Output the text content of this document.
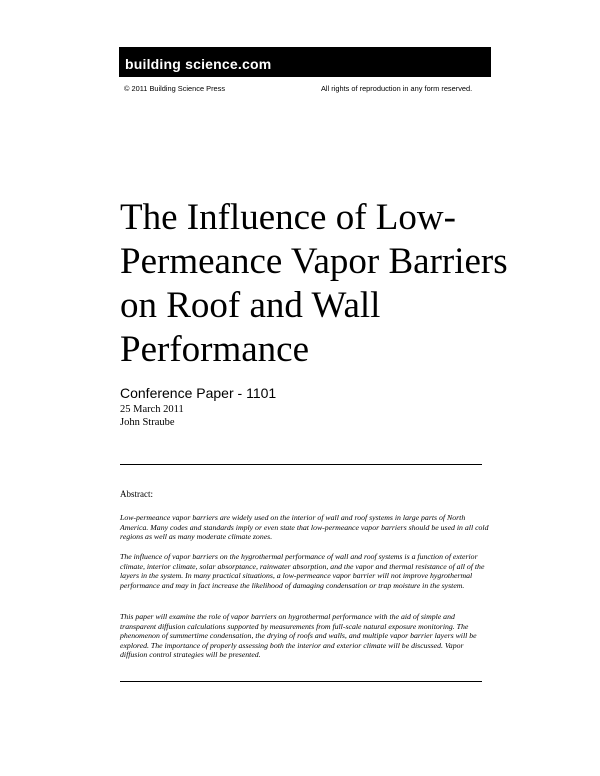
building science.com
© 2011 Building Science Press	All rights of reproduction in any form reserved.
The Influence of Low-
Permeance Vapor Barriers
on Roof and Wall
Performance
Conference Paper - 1101
25 March 2011
John Straube
Abstract:

Low-permeance vapor barriers are widely used on the interior of wall and roof systems in large parts of North America. Many codes and standards imply or even state that low-permeance vapor barriers should be used in all cold regions as well as many moderate climate zones.

The influence of vapor barriers on the hygrothermal performance of wall and roof systems is a function of exterior climate, interior climate, solar absorptance, rainwater absorption, and the vapor and thermal resistance of all of the layers in the system. In many practical situations, a low-permeance vapor barrier will not improve hygrothermal performance and may in fact increase the likelihood of damaging condensation or trap moisture in the system.

This paper will examine the role of vapor barriers on hygrothermal performance with the aid of simple and transparent diffusion calculations supported by measurements from full-scale natural exposure monitoring. The phenomenon of summertime condensation, the drying of roofs and walls, and multiple vapor barrier layers will be explored. The importance of properly assessing both the interior and exterior climate will be discussed. Vapor diffusion control strategies will be presented.
